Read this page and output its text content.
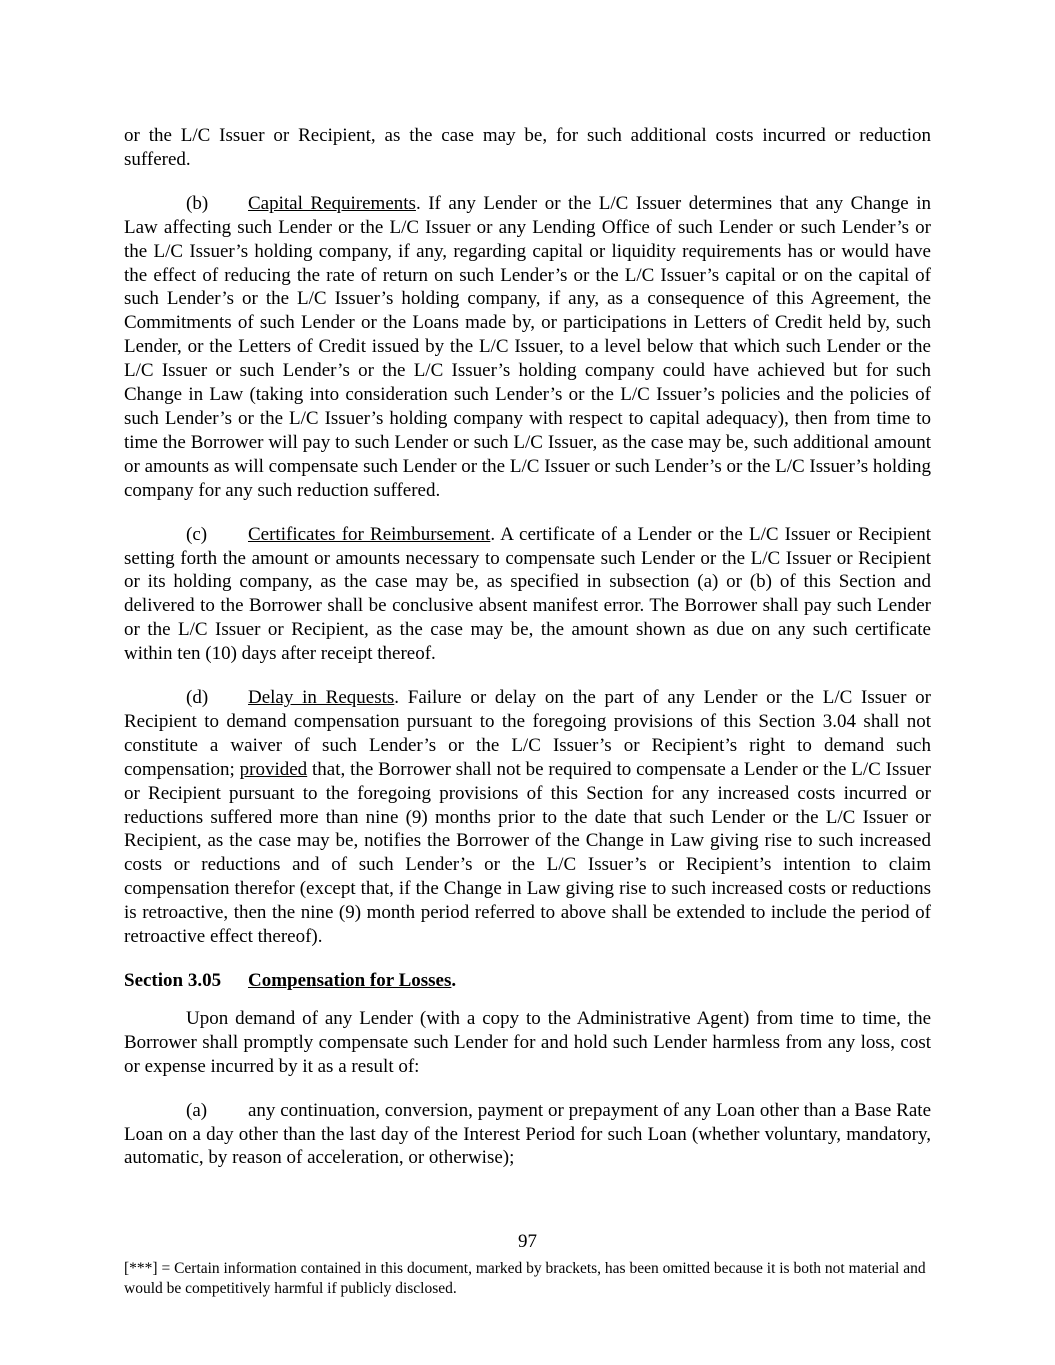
or the L/C Issuer or Recipient, as the case may be, for such additional costs incurred or reduction suffered.

(b) Capital Requirements. If any Lender or the L/C Issuer determines that any Change in Law affecting such Lender or the L/C Issuer or any Lending Office of such Lender or such Lender’s or the L/C Issuer’s holding company, if any, regarding capital or liquidity requirements has or would have the effect of reducing the rate of return on such Lender’s or the L/C Issuer’s capital or on the capital of such Lender’s or the L/C Issuer’s holding company, if any, as a consequence of this Agreement, the Commitments of such Lender or the Loans made by, or participations in Letters of Credit held by, such Lender, or the Letters of Credit issued by the L/C Issuer, to a level below that which such Lender or the L/C Issuer or such Lender’s or the L/C Issuer’s holding company could have achieved but for such Change in Law (taking into consideration such Lender’s or the L/C Issuer’s policies and the policies of such Lender’s or the L/C Issuer’s holding company with respect to capital adequacy), then from time to time the Borrower will pay to such Lender or such L/C Issuer, as the case may be, such additional amount or amounts as will compensate such Lender or the L/C Issuer or such Lender’s or the L/C Issuer’s holding company for any such reduction suffered.

(c) Certificates for Reimbursement. A certificate of a Lender or the L/C Issuer or Recipient setting forth the amount or amounts necessary to compensate such Lender or the L/C Issuer or Recipient or its holding company, as the case may be, as specified in subsection (a) or (b) of this Section and delivered to the Borrower shall be conclusive absent manifest error. The Borrower shall pay such Lender or the L/C Issuer or Recipient, as the case may be, the amount shown as due on any such certificate within ten (10) days after receipt thereof.

(d) Delay in Requests. Failure or delay on the part of any Lender or the L/C Issuer or Recipient to demand compensation pursuant to the foregoing provisions of this Section 3.04 shall not constitute a waiver of such Lender’s or the L/C Issuer’s or Recipient’s right to demand such compensation; provided that, the Borrower shall not be required to compensate a Lender or the L/C Issuer or Recipient pursuant to the foregoing provisions of this Section for any increased costs incurred or reductions suffered more than nine (9) months prior to the date that such Lender or the L/C Issuer or Recipient, as the case may be, notifies the Borrower of the Change in Law giving rise to such increased costs or reductions and of such Lender’s or the L/C Issuer’s or Recipient’s intention to claim compensation therefor (except that, if the Change in Law giving rise to such increased costs or reductions is retroactive, then the nine (9) month period referred to above shall be extended to include the period of retroactive effect thereof).

Section 3.05 Compensation for Losses.

Upon demand of any Lender (with a copy to the Administrative Agent) from time to time, the Borrower shall promptly compensate such Lender for and hold such Lender harmless from any loss, cost or expense incurred by it as a result of:

(a) any continuation, conversion, payment or prepayment of any Loan other than a Base Rate Loan on a day other than the last day of the Interest Period for such Loan (whether voluntary, mandatory, automatic, by reason of acceleration, or otherwise);

97
[***] = Certain information contained in this document, marked by brackets, has been omitted because it is both not material and would be competitively harmful if publicly disclosed.
